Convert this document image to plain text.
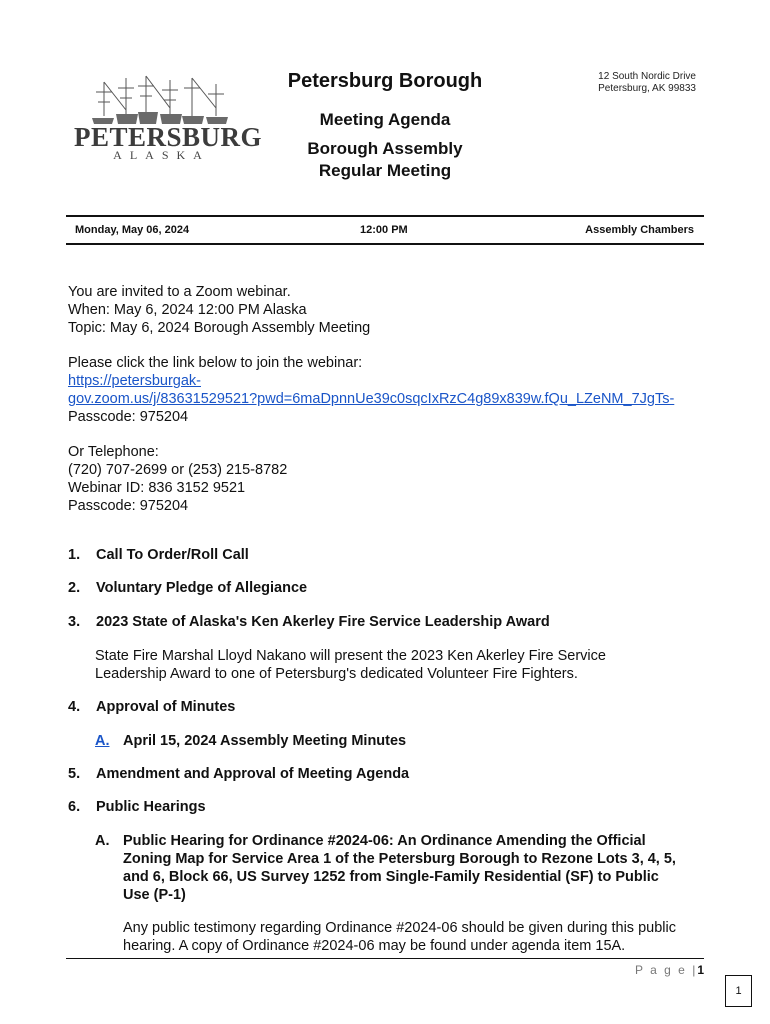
PETERSBURG
ALASKA
Petersburg Borough
Meeting Agenda
Borough Assembly
Regular Meeting
12 South Nordic Drive
Petersburg, AK 99833
Monday, May 06, 2024	12:00 PM	Assembly Chambers
You are invited to a Zoom webinar.
When: May 6, 2024 12:00 PM Alaska
Topic: May 6, 2024 Borough Assembly Meeting
Please click the link below to join the webinar:
https://petersburgak-
gov.zoom.us/j/83631529521?pwd=6maDpnnUe39c0sqcIxRzC4g89x839w.fQu_LZeNM_7JgTs-
Passcode: 975204
Or Telephone:
(720) 707-2699 or (253) 215-8782
Webinar ID: 836 3152 9521
Passcode: 975204
1. Call To Order/Roll Call
2. Voluntary Pledge of Allegiance
3. 2023 State of Alaska's Ken Akerley Fire Service Leadership Award
State Fire Marshal Lloyd Nakano will present the 2023 Ken Akerley Fire Service
Leadership Award to one of Petersburg's dedicated Volunteer Fire Fighters.
4. Approval of Minutes
A. April 15, 2024 Assembly Meeting Minutes
5. Amendment and Approval of Meeting Agenda
6. Public Hearings
A. Public Hearing for Ordinance #2024-06: An Ordinance Amending the Official
Zoning Map for Service Area 1 of the Petersburg Borough to Rezone Lots 3, 4, 5,
and 6, Block 66, US Survey 1252 from Single-Family Residential (SF) to Public
Use (P-1)
Any public testimony regarding Ordinance #2024-06 should be given during this public
hearing. A copy of Ordinance #2024-06 may be found under agenda item 15A.
P a g e |1
1
